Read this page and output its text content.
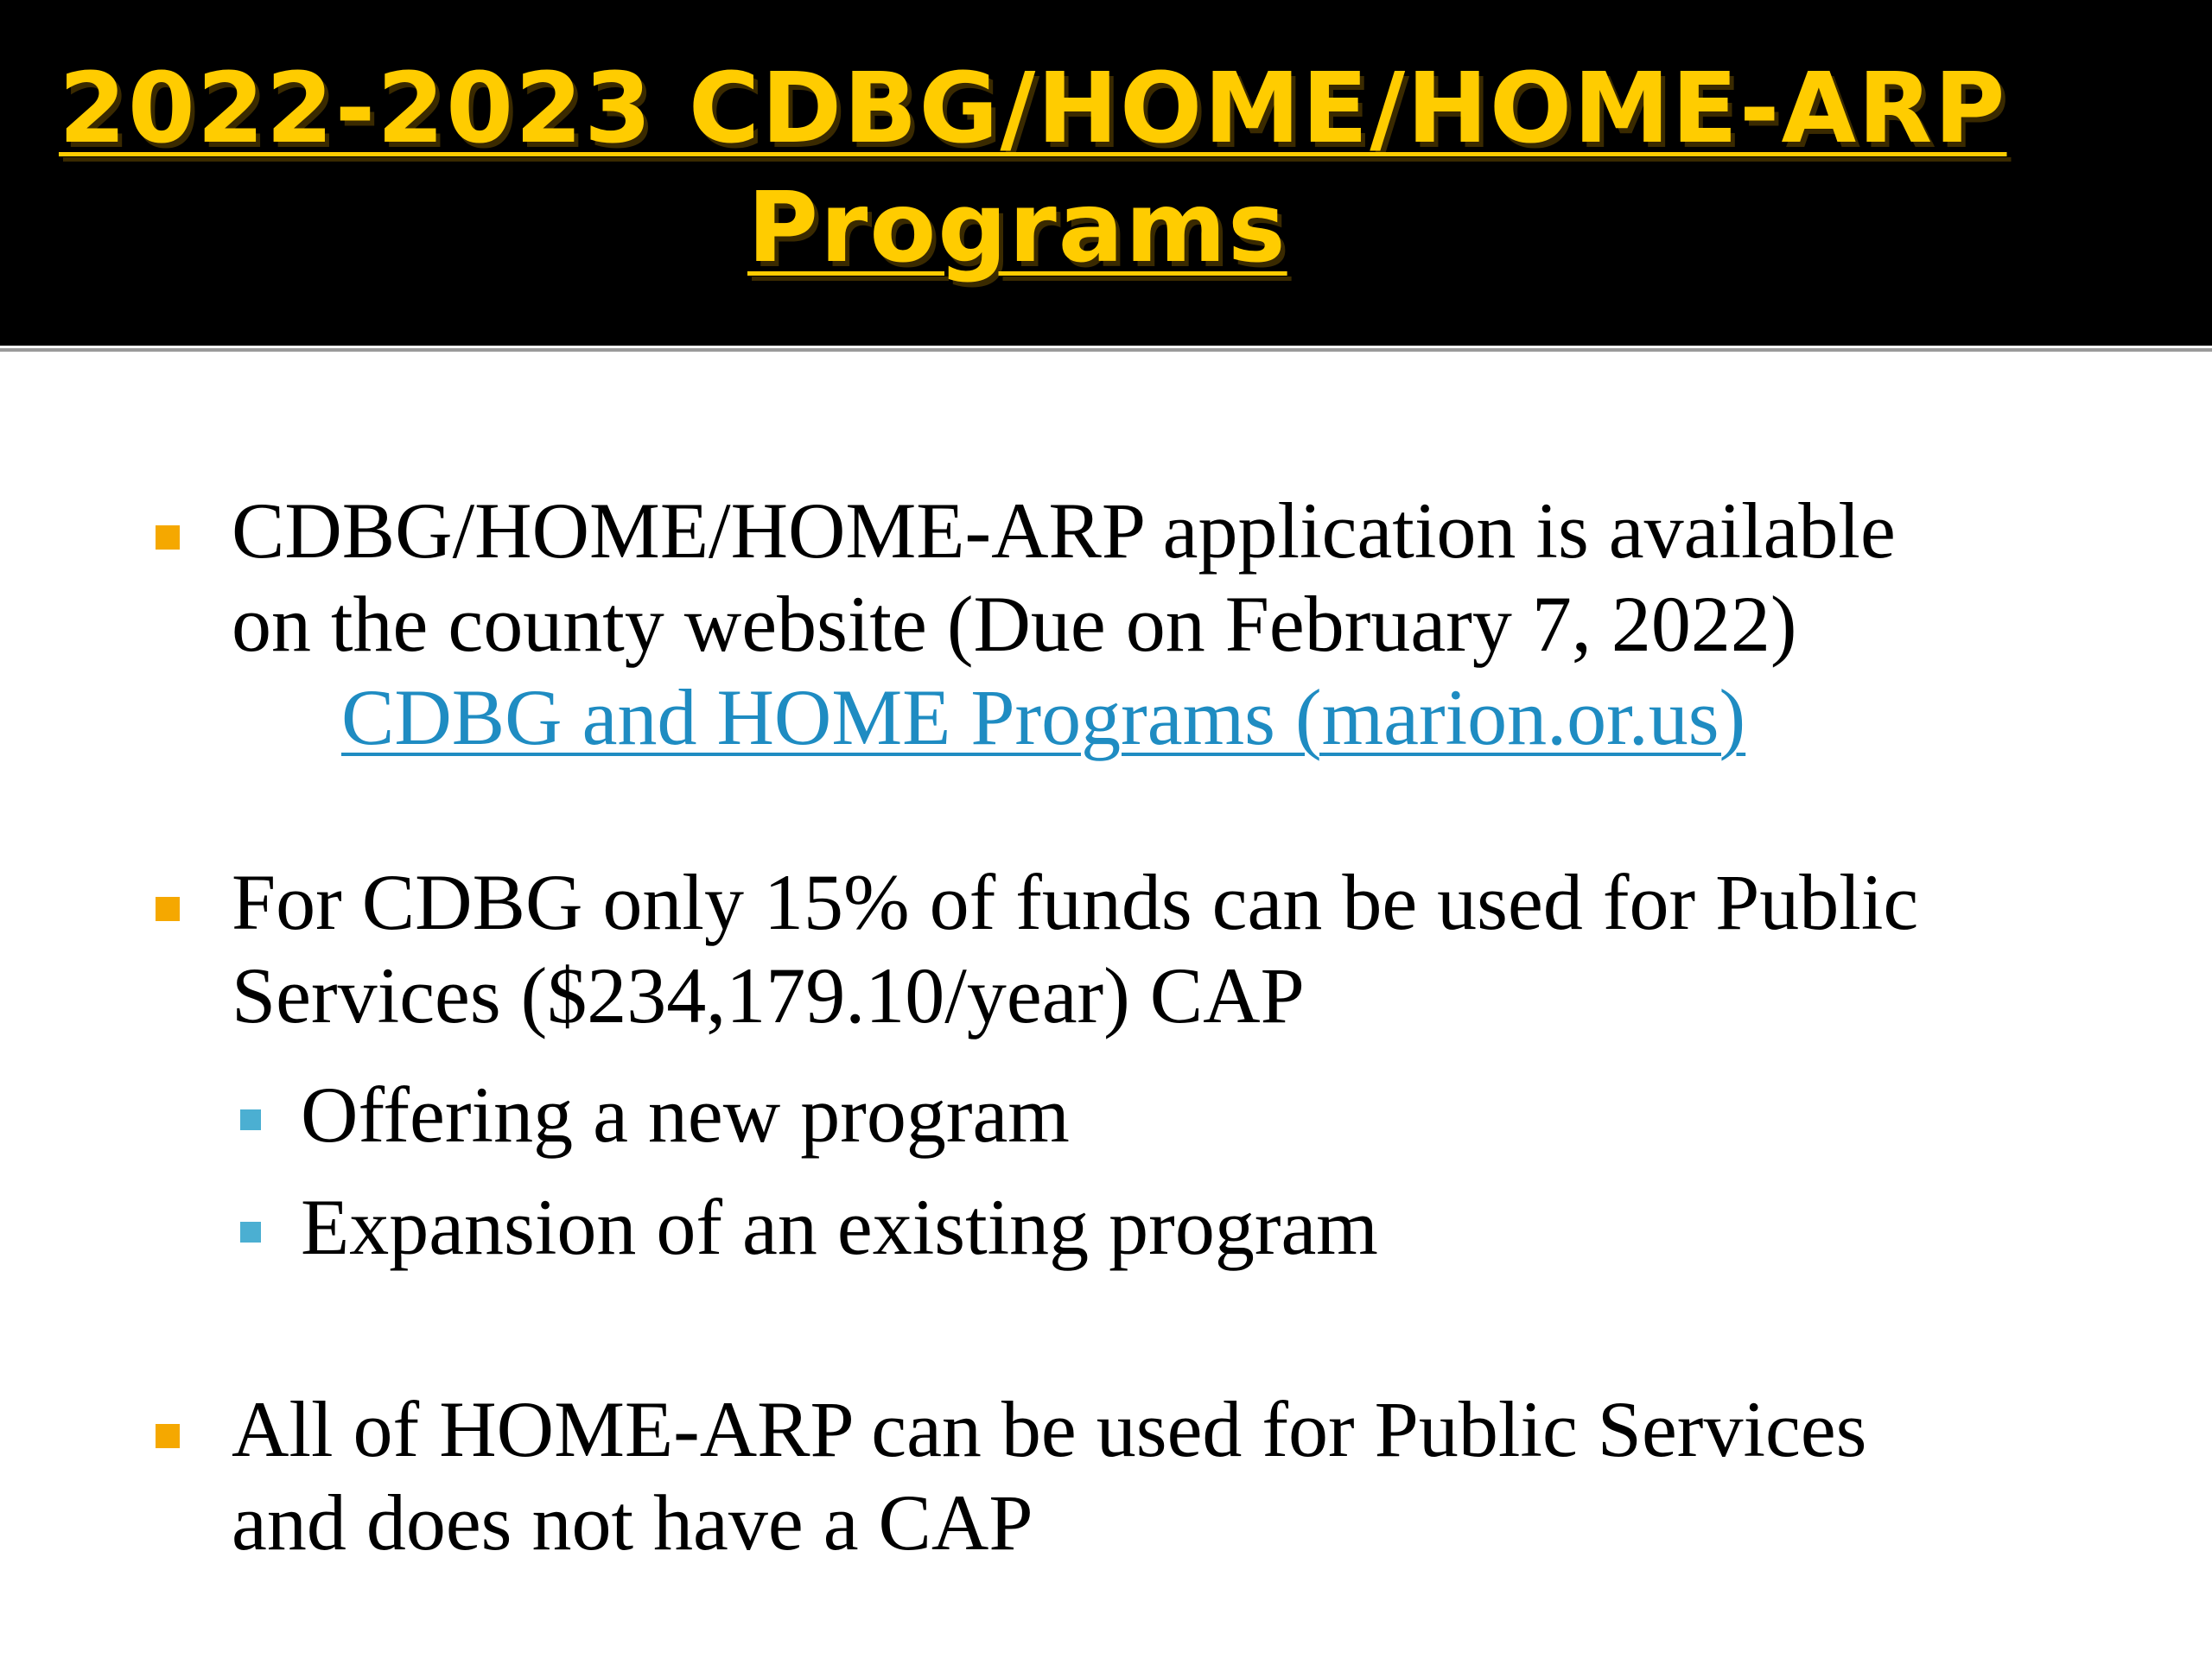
2022-2023 CDBG/HOME/HOME-ARP
Programs
CDBG/HOME/HOME-ARP application is available
on the county website (Due on February 7, 2022)
CDBG and HOME Programs (marion.or.us)
For CDBG only 15% of funds can be used for Public
Services ($234,179.10/year) CAP
Offering a new program
Expansion of an existing program
All of HOME-ARP can be used for Public Services
and does not have a CAP
